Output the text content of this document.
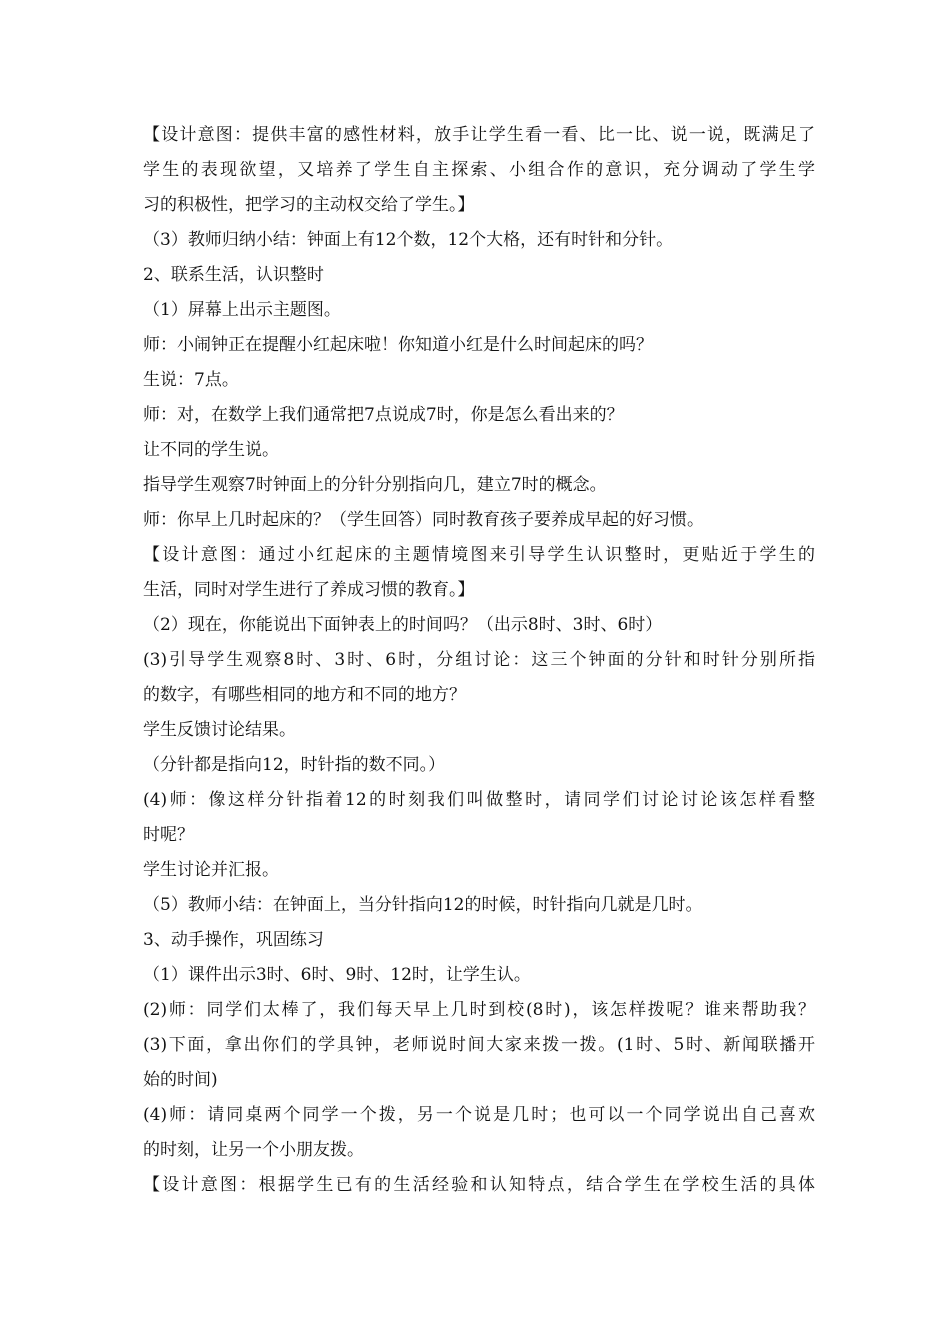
【设计意图：提供丰富的感性材料，放手让学生看一看、比一比、说一说，既满足了
学生的表现欲望，又培养了学生自主探索、小组合作的意识，充分调动了学生学
习的积极性，把学习的主动权交给了学生。】
（3）教师归纳小结：钟面上有12个数，12个大格，还有时针和分针。
2、联系生活，认识整时
（1）屏幕上出示主题图。
师：小闹钟正在提醒小红起床啦！你知道小红是什么时间起床的吗？
生说：7点。
师：对，在数学上我们通常把7点说成7时，你是怎么看出来的？
让不同的学生说。
指导学生观察7时钟面上的分针分别指向几，建立7时的概念。
师：你早上几时起床的？（学生回答）同时教育孩子要养成早起的好习惯。
【设计意图：通过小红起床的主题情境图来引导学生认识整时，更贴近于学生的
生活，同时对学生进行了养成习惯的教育。】
（2）现在，你能说出下面钟表上的时间吗？（出示8时、3时、6时）
(3)引导学生观察8时、3时、6时，分组讨论：这三个钟面的分针和时针分别所指
的数字，有哪些相同的地方和不同的地方？
学生反馈讨论结果。
（分针都是指向12，时针指的数不同。）
(4)师：像这样分针指着12的时刻我们叫做整时，请同学们讨论讨论该怎样看整
时呢？
学生讨论并汇报。
（5）教师小结：在钟面上，当分针指向12的时候，时针指向几就是几时。
3、动手操作，巩固练习
（1）课件出示3时、6时、9时、12时，让学生认。
(2)师：同学们太棒了，我们每天早上几时到校(8时)，该怎样拨呢？谁来帮助我？
(3)下面，拿出你们的学具钟，老师说时间大家来拨一拨。(1时、5时、新闻联播开
始的时间)
(4)师：请同桌两个同学一个拨，另一个说是几时；也可以一个同学说出自己喜欢
的时刻，让另一个小朋友拨。
【设计意图：根据学生已有的生活经验和认知特点，结合学生在学校生活的具体
